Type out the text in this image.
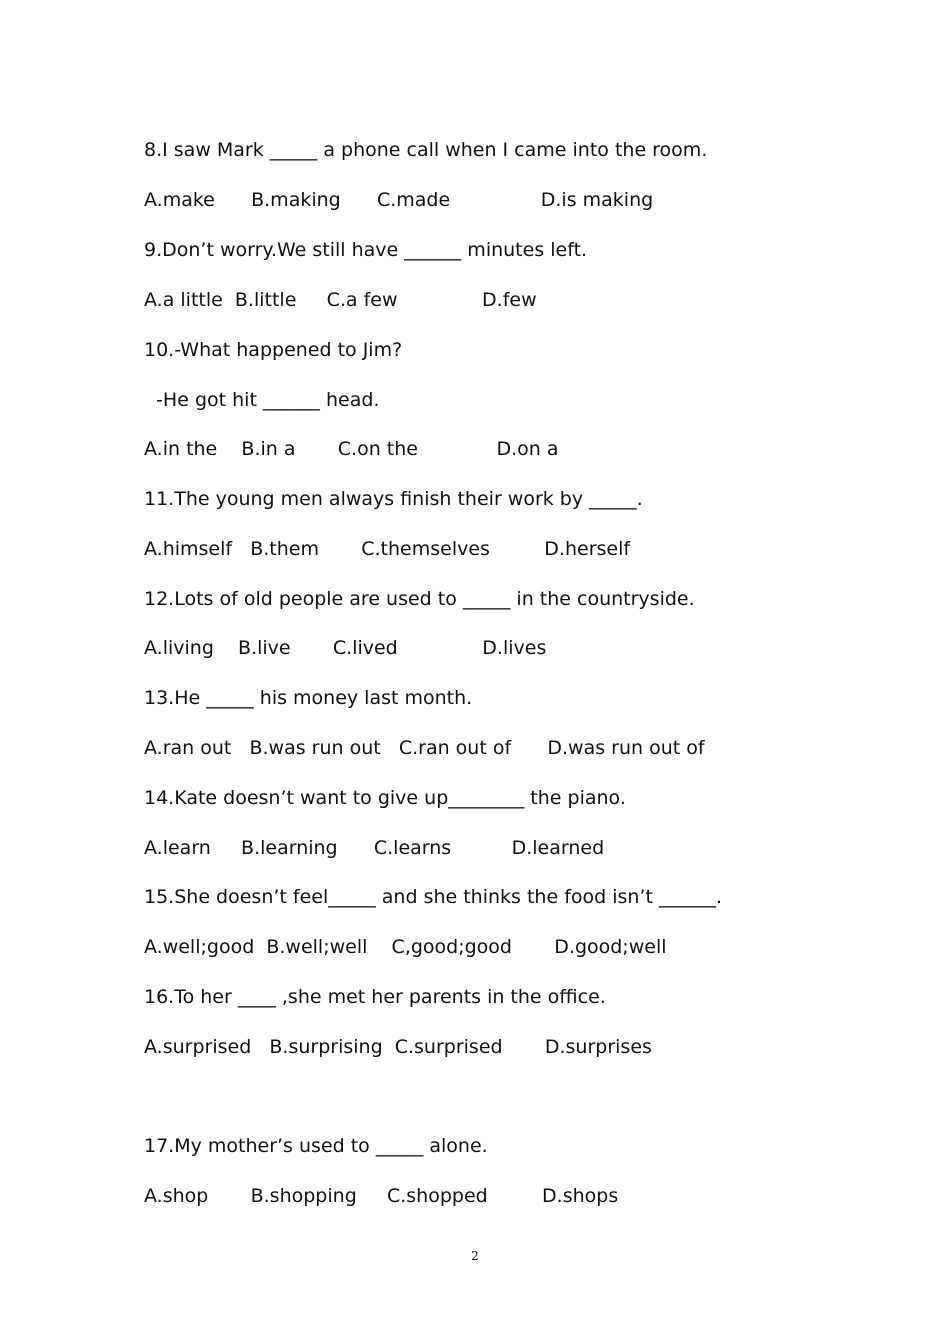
8.I saw Mark _____ a phone call when I came into the room.
A.make      B.making      C.made               D.is making
9.Don’t worry.We still have ______ minutes left.
A.a little  B.little     C.a few              D.few
10.-What happened to Jim?
-He got hit ______ head.
A.in the    B.in a       C.on the             D.on a
11.The young men always finish their work by _____.
A.himself   B.them       C.themselves         D.herself
12.Lots of old people are used to _____ in the countryside.
A.living    B.live       C.lived              D.lives
13.He _____ his money last month.
A.ran out   B.was run out   C.ran out of      D.was run out of
14.Kate doesn’t want to give up________ the piano.
A.learn     B.learning      C.learns          D.learned
15.She doesn’t feel_____ and she thinks the food isn’t ______.
A.well;good  B.well;well    C,good;good       D.good;well
16.To her ____ ,she met her parents in the office.
A.surprised   B.surprising  C.surprised       D.surprises
17.My mother’s used to _____ alone.
A.shop       B.shopping     C.shopped         D.shops
2
